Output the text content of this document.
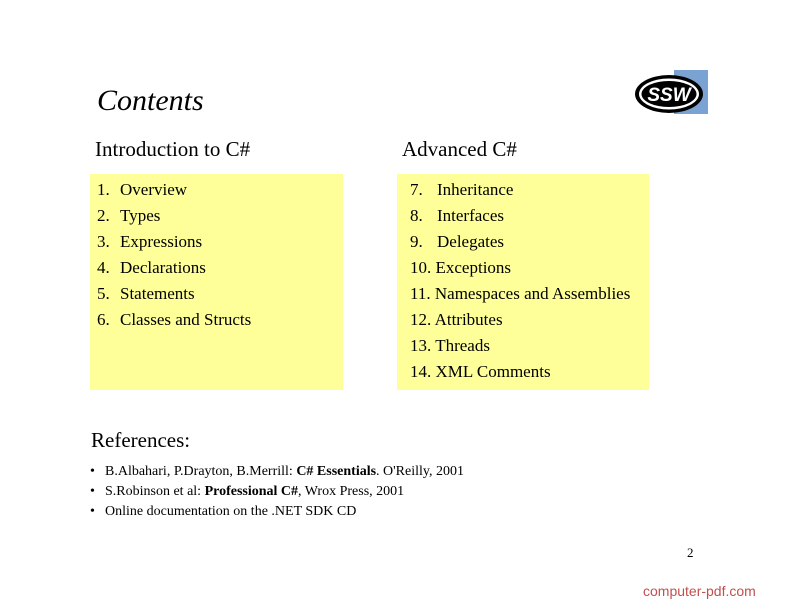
Contents	SSW
Introduction to C#	Advanced C#
1. Overview
2. Types
3. Expressions
4. Declarations
5. Statements
6. Classes and Structs
7. Inheritance
8. Interfaces
9. Delegates
10. Exceptions
11. Namespaces and Assemblies
12. Attributes
13. Threads
14. XML Comments
References:
• B.Albahari, P.Drayton, B.Merrill: C# Essentials. O'Reilly, 2001
• S.Robinson et al: Professional C#, Wrox Press, 2001
• Online documentation on the .NET SDK CD
2
computer-pdf.com
